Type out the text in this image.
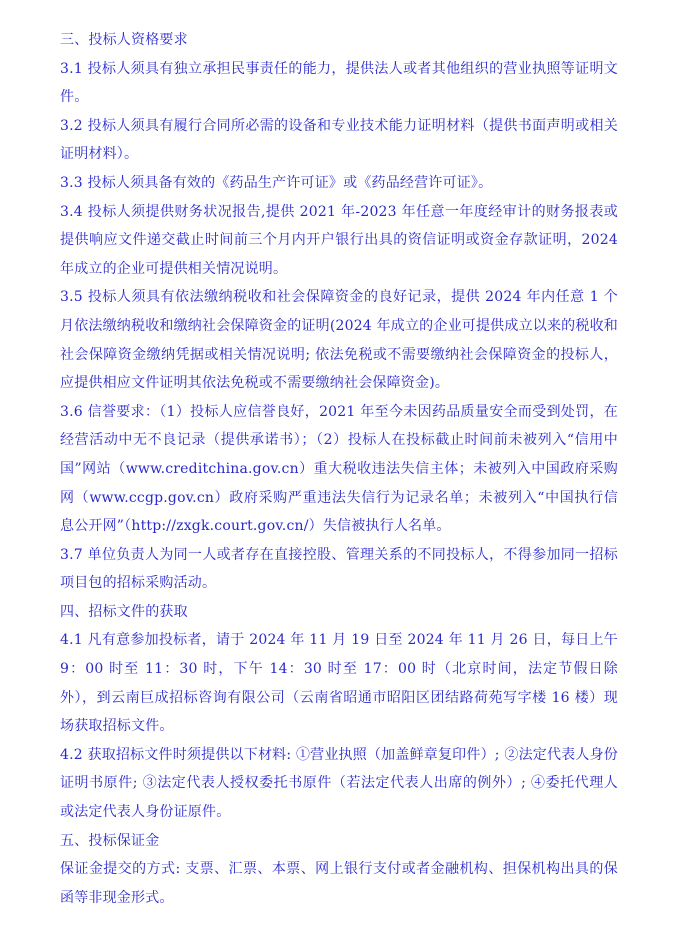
三、投标人资格要求

3.1 投标人须具有独立承担民事责任的能力，提供法人或者其他组织的营业执照等证明文件。

3.2 投标人须具有履行合同所必需的设备和专业技术能力证明材料（提供书面声明或相关证明材料）。

3.3 投标人须具备有效的《药品生产许可证》或《药品经营许可证》。

3.4 投标人须提供财务状况报告,提供 2021 年-2023 年任意一年度经审计的财务报表或提供响应文件递交截止时间前三个月内开户银行出具的资信证明或资金存款证明，2024 年成立的企业可提供相关情况说明。

3.5 投标人须具有依法缴纳税收和社会保障资金的良好记录，提供 2024 年内任意 1 个月依法缴纳税收和缴纳社会保障资金的证明(2024 年成立的企业可提供成立以来的税收和社会保障资金缴纳凭据或相关情况说明; 依法免税或不需要缴纳社会保障资金的投标人，应提供相应文件证明其依法免税或不需要缴纳社会保障资金)。

3.6 信誉要求：（1）投标人应信誉良好，2021 年至今未因药品质量安全而受到处罚，在经营活动中无不良记录（提供承诺书）；（2）投标人在投标截止时间前未被列入“信用中国”网站（www.creditchina.gov.cn）重大税收违法失信主体；未被列入中国政府采购网（www.ccgp.gov.cn）政府采购严重违法失信行为记录名单；未被列入“中国执行信息公开网”（http://zxgk.court.gov.cn/）失信被执行人名单。

3.7 单位负责人为同一人或者存在直接控股、管理关系的不同投标人，不得参加同一招标项目包的招标采购活动。

四、招标文件的获取

4.1 凡有意参加投标者，请于 2024 年 11 月 19 日至 2024 年 11 月 26 日，每日上午 9：00 时至 11：30 时，下午 14：30 时至 17：00 时（北京时间，法定节假日除外），到云南巨成招标咨询有限公司（云南省昭通市昭阳区团结路荷苑写字楼 16 楼）现场获取招标文件。

4.2 获取招标文件时须提供以下材料: ①营业执照（加盖鲜章复印件）; ②法定代表人身份证明书原件; ③法定代表人授权委托书原件（若法定代表人出席的例外）; ④委托代理人或法定代表人身份证原件。

五、投标保证金

保证金提交的方式: 支票、汇票、本票、网上银行支付或者金融机构、担保机构出具的保函等非现金形式。
